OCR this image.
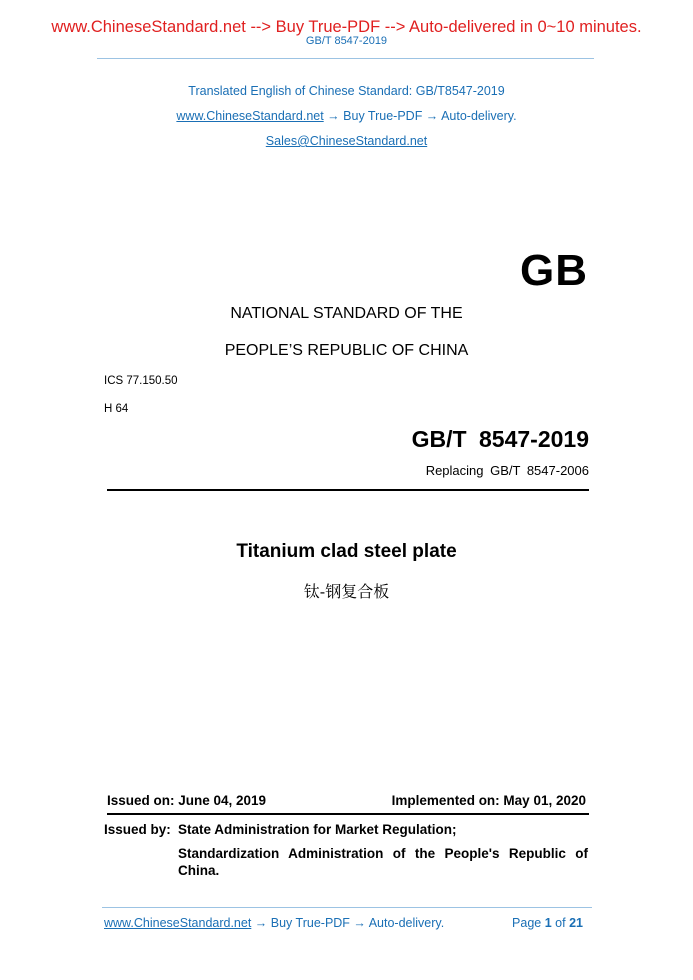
www.ChineseStandard.net --> Buy True-PDF --> Auto-delivered in 0~10 minutes.
GB/T 8547-2019
Translated English of Chinese Standard: GB/T8547-2019
www.ChineseStandard.net → Buy True-PDF → Auto-delivery.
Sales@ChineseStandard.net
GB
NATIONAL STANDARD OF THE
PEOPLE’S REPUBLIC OF CHINA
ICS 77.150.50
H 64
GB/T 8547-2019
Replacing GB/T 8547-2006
Titanium clad steel plate
钛-钢复合板
Issued on: June 04, 2019	Implemented on: May 01, 2020
Issued by: State Administration for Market Regulation;
Standardization Administration of the People's Republic of
China.
www.ChineseStandard.net → Buy True-PDF → Auto-delivery.	Page 1 of 21
